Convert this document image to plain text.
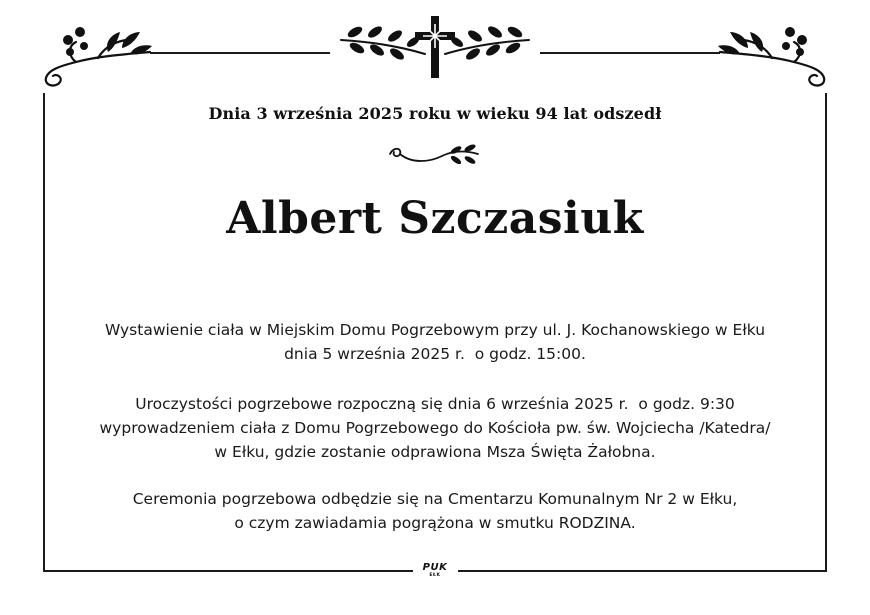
Dnia 3 września 2025 roku w wieku 94 lat odszedł
Albert Szczasiuk
Wystawienie ciała w Miejskim Domu Pogrzebowym przy ul. J. Kochanowskiego w Ełku
dnia 5 września 2025 r.  o godz. 15:00.
Uroczystości pogrzebowe rozpoczną się dnia 6 września 2025 r.  o godz. 9:30
wyprowadzeniem ciała z Domu Pogrzebowego do Kościoła pw. św. Wojciecha /Katedra/
w Ełku, gdzie zostanie odprawiona Msza Święta Żałobna.
Ceremonia pogrzebowa odbędzie się na Cmentarzu Komunalnym Nr 2 w Ełku,
o czym zawiadamia pogrążona w smutku RODZINA.
PUK
EŁK
